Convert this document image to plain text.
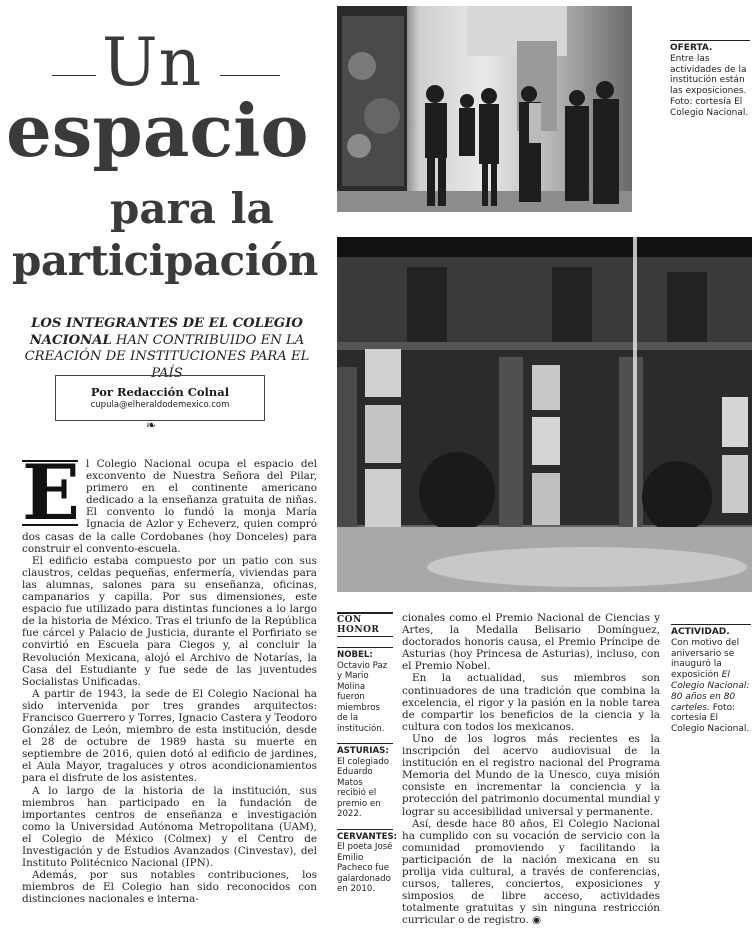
Un
espacio
para la
participación
LOS INTEGRANTES DE EL COLEGIO NACIONAL HAN CONTRIBUIDO EN LA CREACIÓN DE INSTITUCIONES PARA EL PAÍS
Por Redacción Colnal
cupula@elheraldodemexico.com
❧
E l Colegio Nacional ocupa el espacio del exconvento de Nuestra Señora del Pilar, primero en el continente americano dedicado a la enseñanza gratuita de niñas. El convento lo fundó la monja María Ignacia de Azlor y Echeverz, quien compró dos casas de la calle Cordobanes (hoy Donceles) para construir el convento-escuela.

El edificio estaba compuesto por un patio con sus claustros, celdas pequeñas, enfermería, viviendas para las alumnas, salones para su enseñanza, oficinas, campanarios y capilla. Por sus dimensiones, este espacio fue utilizado para distintas funciones a lo largo de la historia de México. Tras el triunfo de la República fue cárcel y Palacio de Justicia, durante el Porfiriato se convirtió en Escuela para Ciegos y, al concluir la Revolución Mexicana, alojó el Archivo de Notarías, la Casa del Estudiante y fue sede de las juventudes Socialistas Unificadas.

A partir de 1943, la sede de El Colegio Nacional ha sido intervenida por tres grandes arquitectos: Francisco Guerrero y Torres, Ignacio Castera y Teodoro González de León, miembro de esta institución, desde el 28 de octubre de 1989 hasta su muerte en septiembre de 2016, quien dotó al edificio de jardines, el Aula Mayor, tragaluces y otros acondicionamientos para el disfrute de los asistentes.

A lo largo de la historia de la institución, sus miembros han participado en la fundación de importantes centros de enseñanza e investigación como la Universidad Autónoma Metropolitana (UAM), el Colegio de México (Colmex) y el Centro de Investigación y de Estudios Avanzados (Cinvestav), del Instituto Politécnico Nacional (IPN).

Además, por sus notables contribuciones, los miembros de El Colegio han sido reconocidos con distinciones nacionales e interna-

OFERTA.
Entre las actividades de la institución están las exposiciones. Foto: cortesía El Colegio Nacional.
CON HONOR
NOBEL:
Octavio Paz y Mario Molina fueron miembros de la institución.
ASTURIAS:
El colegiado Eduardo Matos recibió el premio en 2022.
CERVANTES:
El poeta José Emilio Pacheco fue galardonado en 2010.

cionales como el Premio Nacional de Ciencias y Artes, la Medalla Belisario Domínguez, doctorados honoris causa, el Premio Príncipe de Asturias (hoy Princesa de Asturias), incluso, con el Premio Nobel.

En la actualidad, sus miembros son continuadores de una tradición que combina la excelencia, el rigor y la pasión en la noble tarea de compartir los beneficios de la ciencia y la cultura con todos los mexicanos.

Uno de los logros más recientes es la inscripción del acervo audiovisual de la institución en el registro nacional del Programa Memoria del Mundo de la Unesco, cuya misión consiste en incrementar la conciencia y la protección del patrimonio documental mundial y lograr su accesibilidad universal y permanente.

Así, desde hace 80 años, El Colegio Nacional ha cumplido con su vocación de servicio con la comunidad promoviendo y facilitando la participación de la nación mexicana en su prolija vida cultural, a través de conferencias, cursos, talleres, conciertos, exposiciones y simposios de libre acceso, actividades totalmente gratuitas y sin ninguna restricción curricular o de registro. ◉

ACTIVIDAD.
Con motivo del aniversario se inauguró la exposición El Colegio Nacional: 80 años en 80 carteles. Foto: cortesía El Colegio Nacional.
